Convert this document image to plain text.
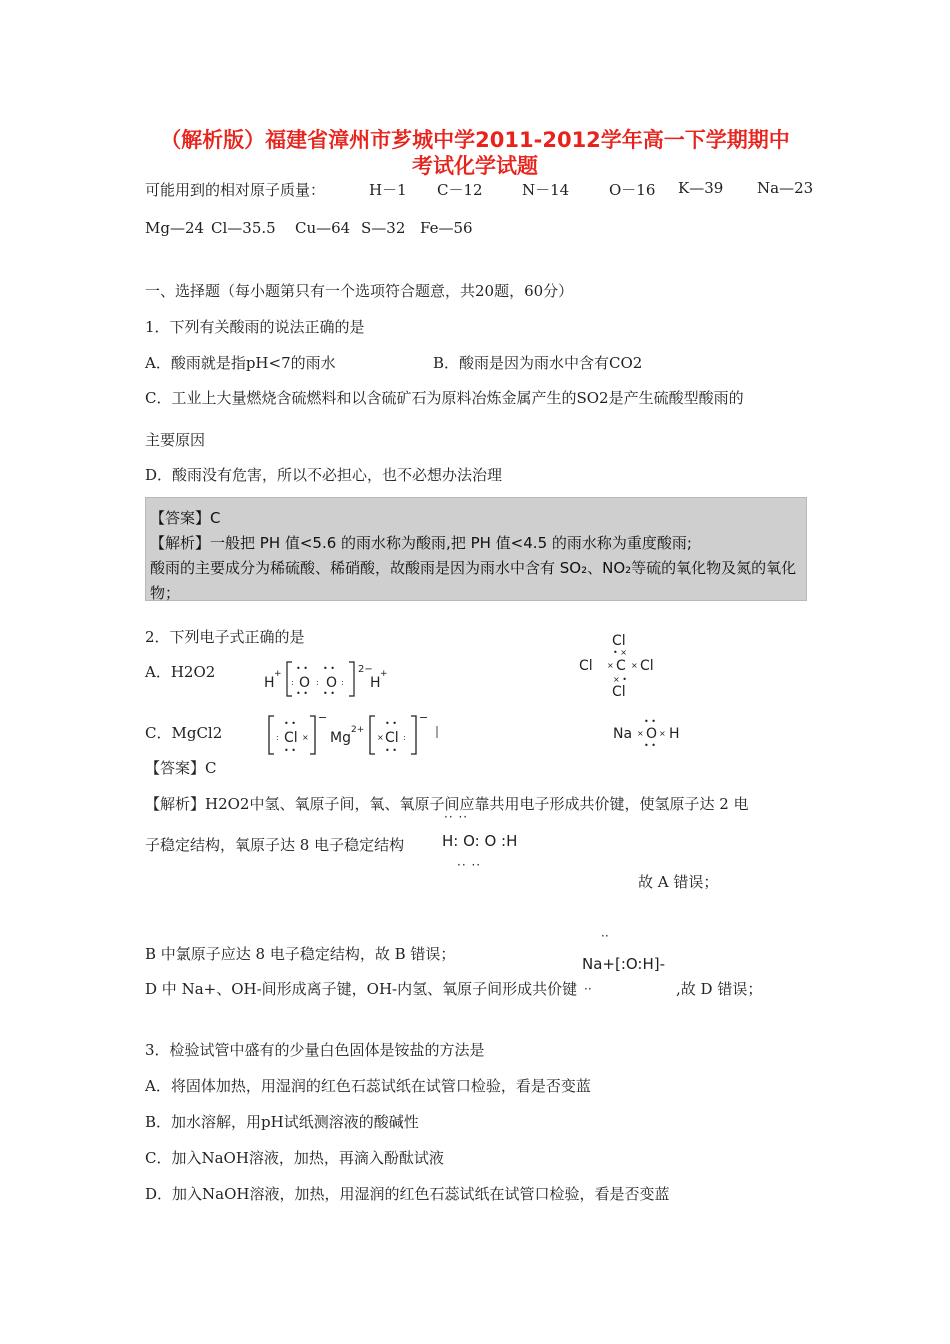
（解析版）福建省漳州市芗城中学2011-2012学年高一下学期期中
考试化学试题
可能用到的相对原子质量：	H－1 C－12	N－14	O－16 K—39 Na—23
Mg—24 Cl—35.5 Cu—64 S—32 Fe—56
一、选择题（每小题第只有一个选项符合题意，共20题，60分）
1．下列有关酸雨的说法正确的是
A．酸雨就是指pH<7的雨水	B．酸雨是因为雨水中含有CO2
C．工业上大量燃烧含硫燃料和以含硫矿石为原料冶炼金属产生的SO2是产生硫酸型酸雨的
主要原因
D．酸雨没有危害，所以不必担心，也不必想办法治理
【答案】C
【解析】一般把 PH 值<5.6 的雨水称为酸雨,把 PH 值<4.5 的雨水称为重度酸雨;
酸雨的主要成分为稀硫酸、稀硝酸，故酸雨是因为雨水中含有 SO₂、NO₂等硫的氧化物及氮的氧化物；
2．下列电子式正确的是
A．H2O2
C．MgCl2
H
+
O O
2−
H
+
• • • •
• • • •
:	:	:
Cl
Cl C Cl
Cl
• ×
× •
× ×
Cl
−
Mg 2+ Cl
−
• •
• •
:	×
• •
• •
× :	Na O H
• •
• •
× ×
【答案】C
【解析】H2O2中氢、氧原子间，氧、氧原子间应靠共用电子形成共价键，使氢原子达 2 电
·· ··
子稳定结构，氧原子达 8 电子稳定结构	H: O: O :H
·· ··
故 A 错误；
··
B 中氯原子应达 8 电子稳定结构，故 B 错误；
Na+[:O:H]-
D 中 Na+、OH-间形成离子键，OH-内氢、氧原子间形成共价键 ··	,故 D 错误；
3．检验试管中盛有的少量白色固体是铵盐的方法是
A．将固体加热，用湿润的红色石蕊试纸在试管口检验，看是否变蓝
B．加水溶解，用pH试纸测溶液的酸碱性
C．加入NaOH溶液，加热，再滴入酚酞试液
D．加入NaOH溶液，加热，用湿润的红色石蕊试纸在试管口检验，看是否变蓝
